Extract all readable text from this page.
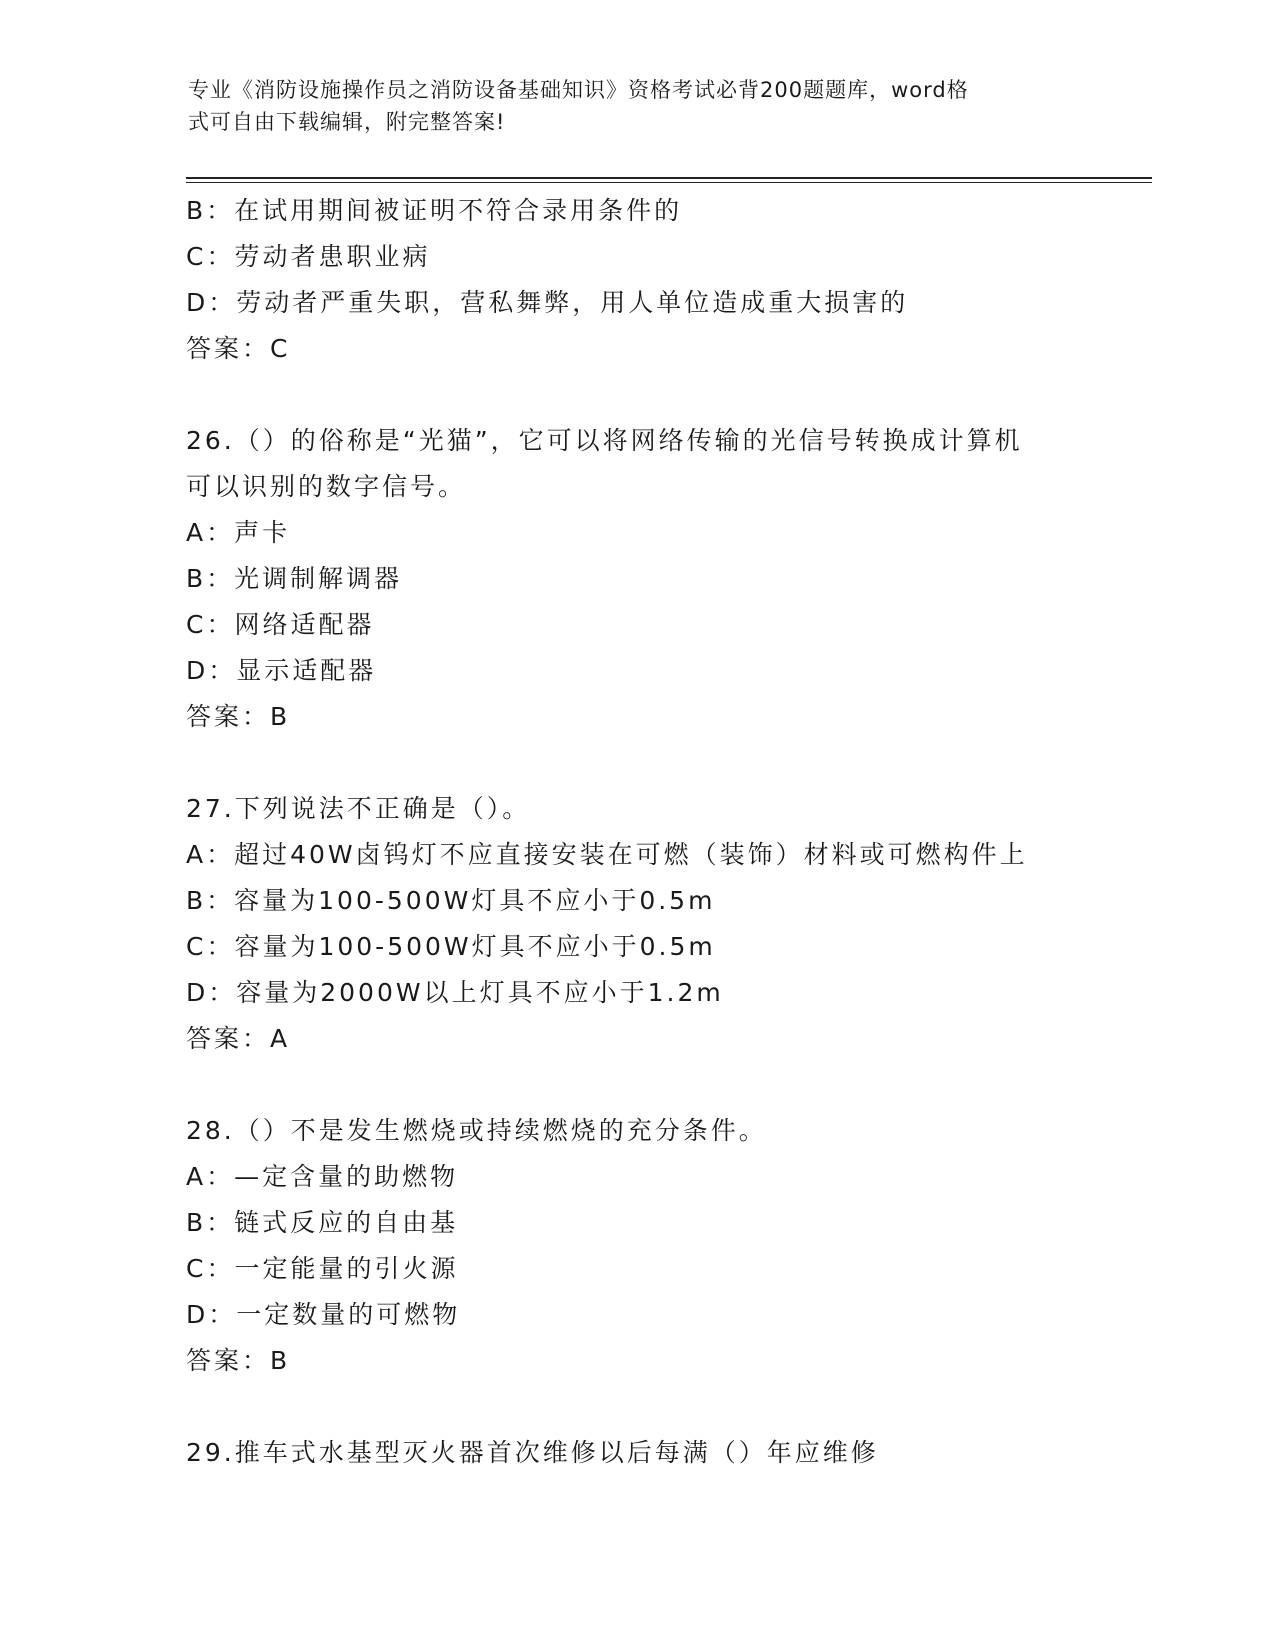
专业《消防设施操作员之消防设备基础知识》资格考试必背200题题库，word格
式可自由下载编辑，附完整答案!
B：在试用期间被证明不符合录用条件的
C：劳动者患职业病
D：劳动者严重失职，营私舞弊，用人单位造成重大损害的
答案：C
26.（）的俗称是“光猫”，它可以将网络传输的光信号转换成计算机
可以识别的数字信号。
A：声卡
B：光调制解调器
C：网络适配器
D：显示适配器
答案：B
27.下列说法不正确是（）。
A：超过40W卤钨灯不应直接安装在可燃（装饰）材料或可燃构件上
B：容量为100-500W灯具不应小于0.5m
C：容量为100-500W灯具不应小于0.5m
D：容量为2000W以上灯具不应小于1.2m
答案：A
28.（）不是发生燃烧或持续燃烧的充分条件。
A：—定含量的助燃物
B：链式反应的自由基
C：一定能量的引火源
D：一定数量的可燃物
答案：B
29.推车式水基型灭火器首次维修以后每满（）年应维修
